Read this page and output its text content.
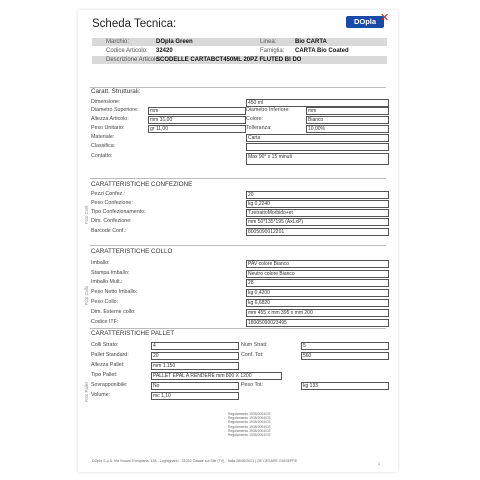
Scheda Tecnica:	DOpla ✕
Marchio:	DOpla Green	Linea:	Bio CARTA
Codice Articolo: 32420	Famiglia: CARTA Bio Coated
Descrizione Articolo:
SCODELLE CARTABCT450ML 20PZ FLUTED BI DO
Caratt. Strutturali:
Dimensione:	450 ml
Diametro Superiore:	mm	Diametro Inferiore:	mm
Altezza Articolo:	mm 31,00	Colore:	Bianco
Peso Unitario:	gr 11,00	Tolleranza:	10,00%
Materiale:	Carta
Classifica:
Contatto:	Max 90° x 15 minuti
CARATTERISTICHE CONFEZIONE
Foto Conf.
Pezzi Confez.:	20
Peso Confezione:	kg 0,2240
Tipo Confezionamento:	T.retrattoMorbido+et
Dim. Confezione:	mm 50*135*195 (AxLxP)
Barcode Conf.:	8005090012201
CARATTERISTICHE COLLO
Foto Collo
Imballo:	PAV colore Bianco
Stampa Imballo:	Neutro colore Bianco
Imballo Mult.:	28
Peso Netto Imballo:	kg 0,4200
Peso Collo:	kg 6,6820
Dim. Esterne collo:	mm 455 x mm 395 x mm 200
Codice ITF:	18005090023495
CARATTERISTICHE PALLET
Foto Pallet
Colli Strato:	4	Num Strati:	5
Pallet Standard:	20	Conf. Tot:	560
Altezza Pallet:	mm 1.150
Tipo Pallet:	PALLET EPAL A RENDERE mm 800 X 1200
Sovrapponibile:	No	Peso Tot:	kg 133
Volume:	mc 1,10
Regolamento 1935/2004/CE
Regolamento 1935/2004/CE
Regolamento 1935/2004/CE
Regolamento 1935/2004/CE
Regolamento 1935/2004/CE
Regolamento 1935/2004/CE
DOpla S.p.A. Via Nuova Trompiana, 138 - Loghignano - 31032 Casale sul Sile (TV) - Italia 28/06/2021 | DE CESARE GIUSEPPE
1
